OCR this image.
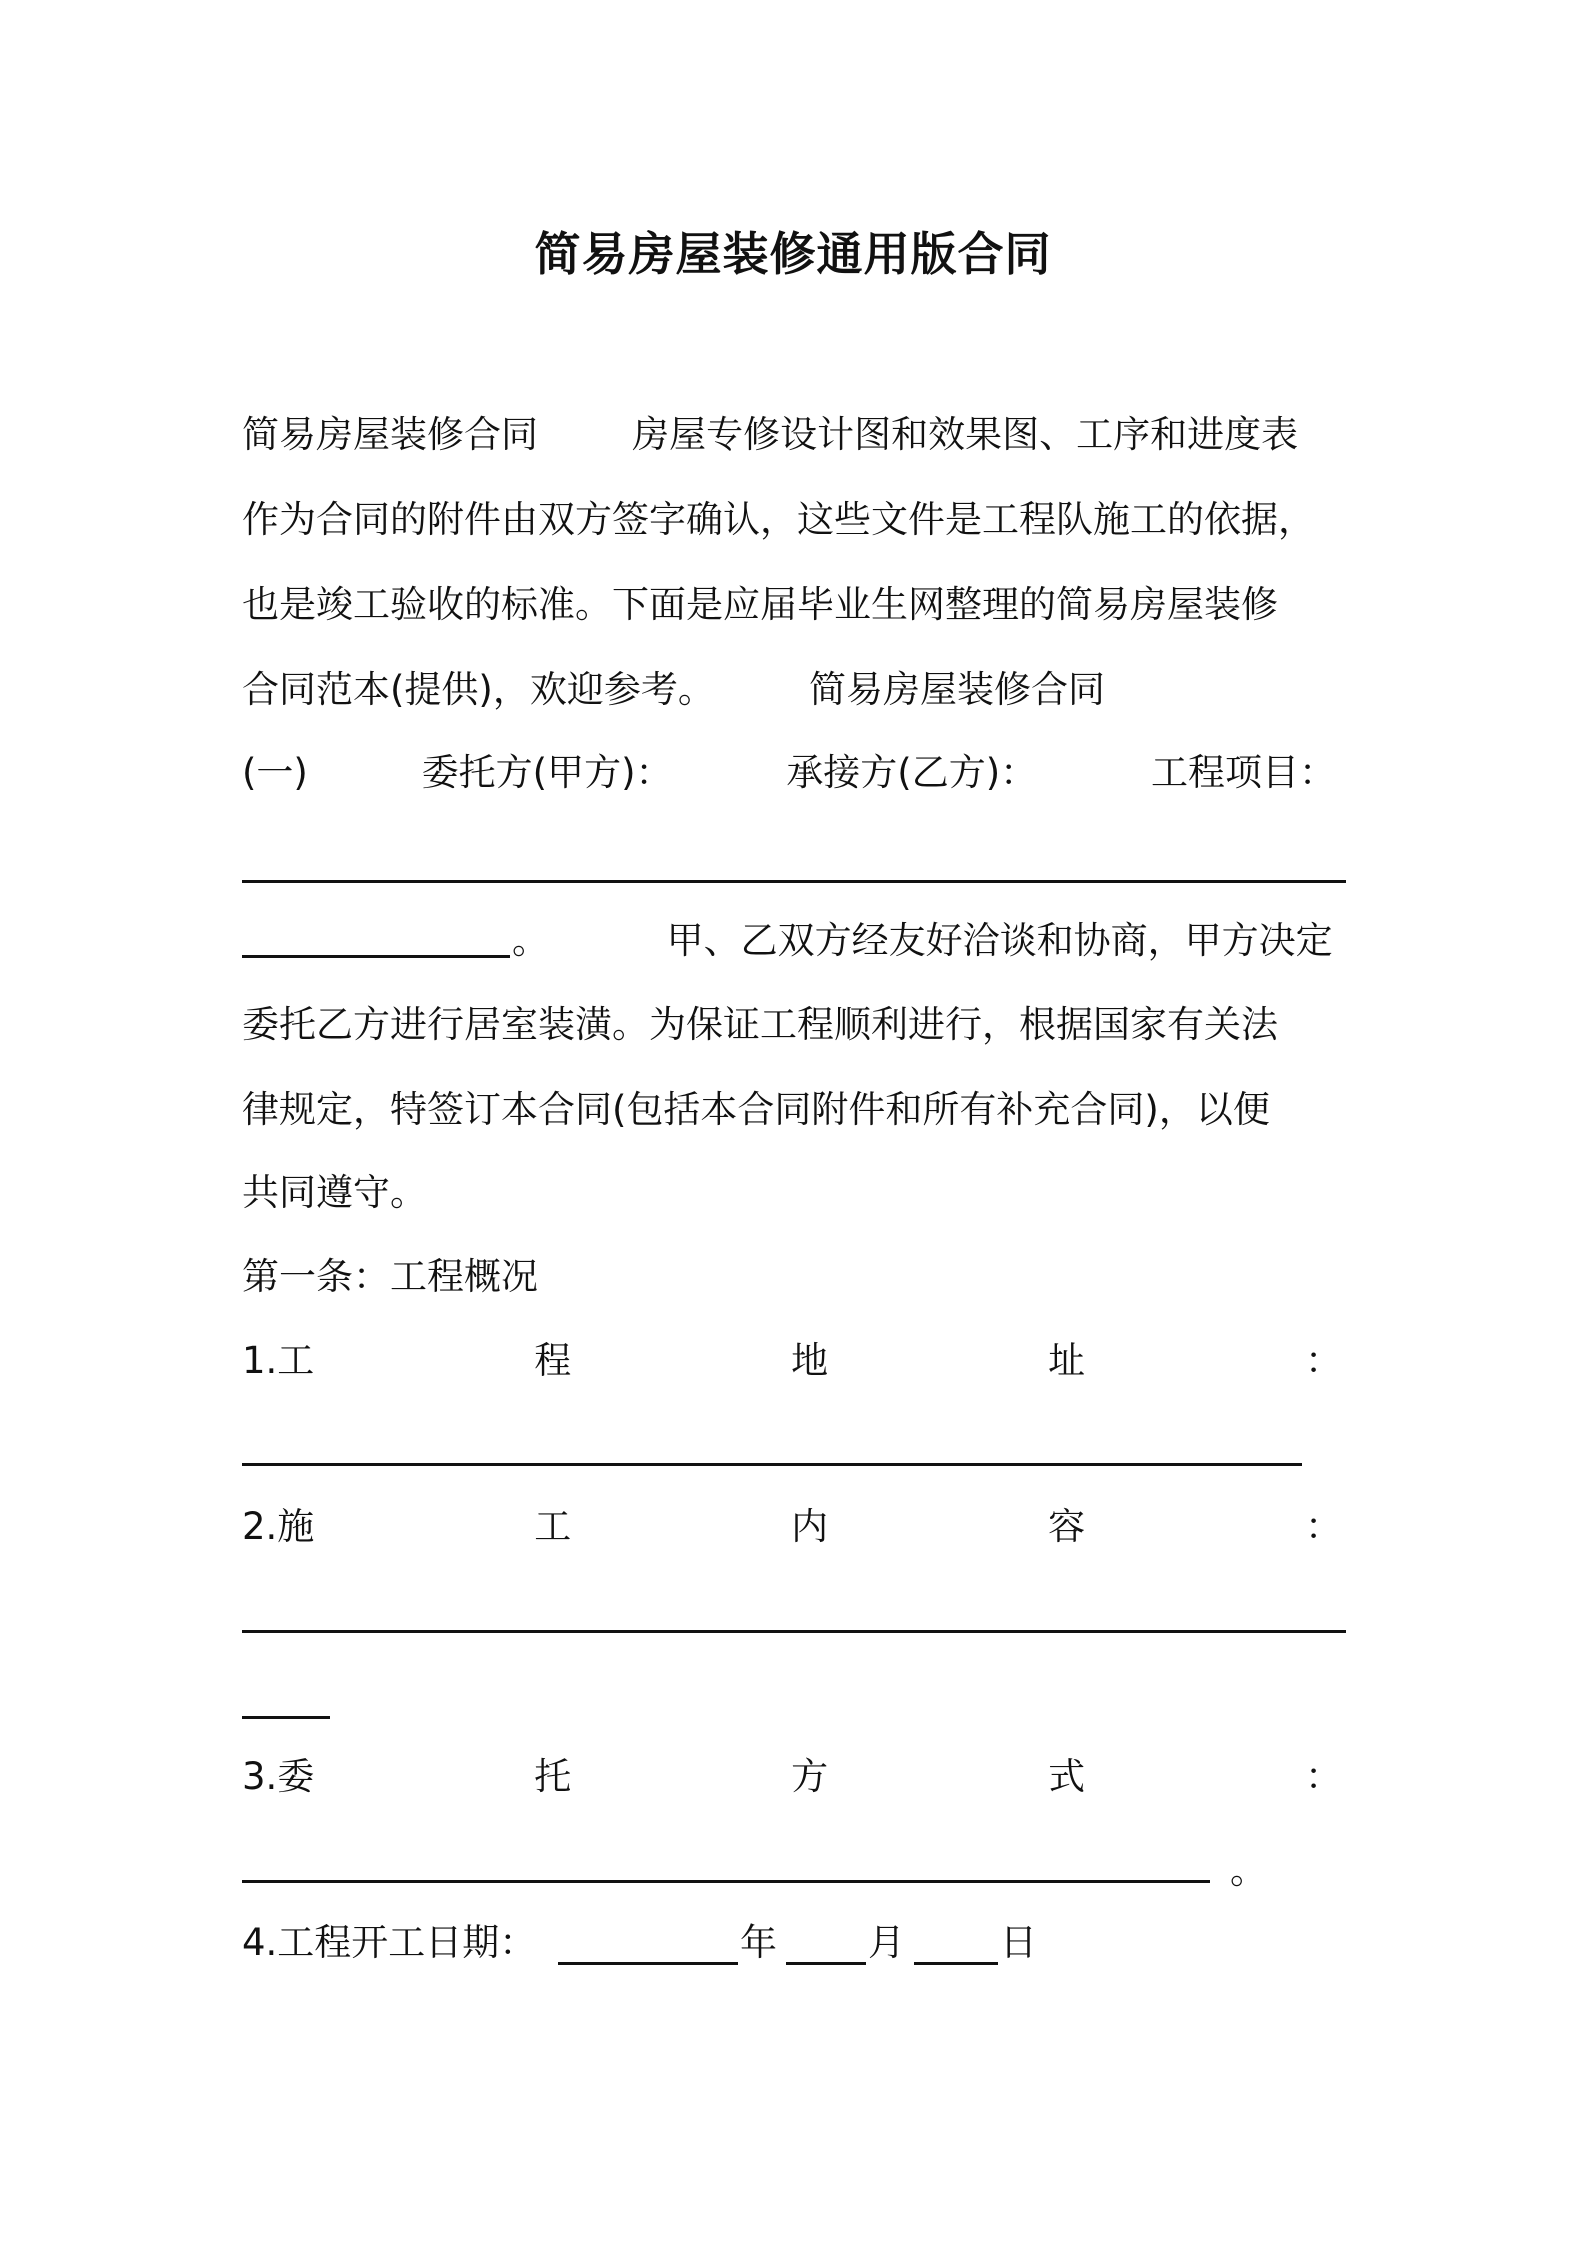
简易房屋装修通用版合同
简易房屋装修合同        房屋专修设计图和效果图、工序和进度表
作为合同的附件由双方签字确认，这些文件是工程队施工的依据，
也是竣工验收的标准。下面是应届毕业生网整理的简易房屋装修
合同范本(提供)，欢迎参考。        简易房屋装修合同
(一)	委托方(甲方)：	承接方(乙方)：	工程项目：
。          甲、乙双方经友好洽谈和协商，甲方决定
委托乙方进行居室装潢。为保证工程顺利进行，根据国家有关法
律规定，特签订本合同(包括本合同附件和所有补充合同)，以便
共同遵守。
第一条：工程概况
1.工	程	地	址	：
2.施	工	内	容	：
3.委	托	方	式	：
。
4.工程开工日期：	年	月	日
